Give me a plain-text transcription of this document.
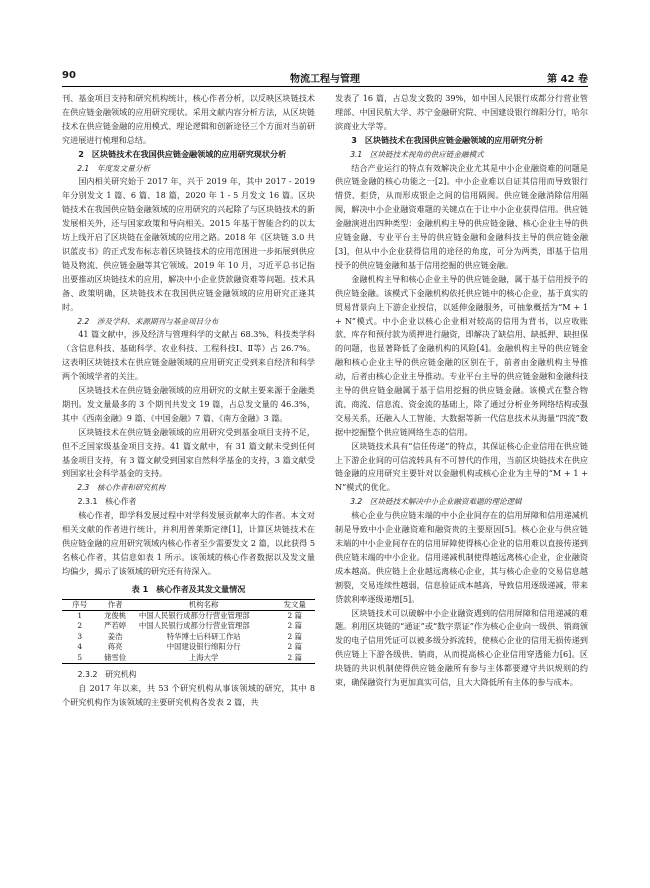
90	物流工程与管理	第 42 卷

刊、基金项目支持和研究机构统计，核心作者分析，以反映区块链技术在供应链金融领域的应用研究现状。采用文献内容分析方法，从区块链技术在供应链金融的应用模式、理论逻辑和创新途径三个方面对当前研究进展进行梳理和总结。

2　区块链技术在我国供应链金融领域的应用研究现状分析

2.1　年度发文量分析

国内相关研究始于 2017 年，兴于 2019 年，其中 2017 - 2019 年分别发文 1 篇、6 篇、18 篇，2020 年 1 - 5 月发文 16 篇。区块链技术在我国供应链金融领域的应用研究的兴起除了与区块链技术的新发展相关外，还与国家政策和导向相关。2015 年基于智能合约的以太坊上线开启了区块链在金融领域的应用之路。2018 年《区块链 3.0 共识蓝皮书》的正式发布标志着区块链技术的应用范围进一步拓展到供应链及物流、供应链金融等其它领域。2019 年 10 月，习近平总书记指出要推动区块链技术的应用，解决中小企业贷款融资难等问题。技术具备、政策明确，区块链技术在我国供应链金融领域的应用研究正逢其时。

2.2　涉及学科、来源期刊与基金项目分布

41 篇文献中，涉及经济与管理科学的文献占 68.3%、科技类学科（含信息科技、基础科学、农业科技、工程科技Ⅰ、Ⅱ等）占 26.7%。这表明区块链技术在供应链金融领域的应用研究正受到来自经济和科学两个领域学者的关注。

区块链技术在供应链金融领域的应用研究的文献主要来源于金融类期刊。发文量最多的 3 个期刊共发文 19 篇，占总发文量的 46.3%，其中《西南金融》9 篇、《中国金融》7 篇、《南方金融》3 篇。

区块链技术在供应链金融领域的应用研究受到基金项目支持不足，但不乏国家级基金项目支持。41 篇文献中，有 31 篇文献未受到任何基金项目支持，有 3 篇文献受到国家自然科学基金的支持，3 篇文献受到国家社会科学基金的支持。

2.3　核心作者和研究机构

2.3.1　核心作者

核心作者，即学科发展过程中对学科发展贡献率大的作者。本文对相关文献的作者进行统计，并利用普莱斯定律[1]，计算区块链技术在供应链金融的应用研究领域内核心作者至少需要发文 2 篇，以此获得 5 名核心作者，其信息如表 1 所示。该领域的核心作者数据以及发文量均偏少，揭示了该领域的研究还有待深入。

表 1　核心作者及其发文量情况
序号	作者	机构名称	发文量
1	龙俊桃	中国人民银行成都分行营业管理部	2 篇
2	严若婷	中国人民银行成都分行营业管理部	2 篇
3	姜浩	特华博士后科研工作站	2 篇
4	蒋亮	中国建设银行绵阳分行	2 篇
5	储雪俭	上海大学	2 篇

2.3.2　研究机构

自 2017 年以来，共 53 个研究机构从事该领域的研究，其中 8 个研究机构作为该领域的主要研究机构各发表 2 篇，共

发表了 16 篇，占总发文数的 39%，如中国人民银行成都分行营业管理部、中国民航大学、苏宁金融研究院、中国建设银行绵阳分行，哈尔滨商业大学等。

3　区块链技术在我国供应链金融领域的应用研究分析

3.1　区块链技术视角的供应链金融模式

结合产业运行的特点有效解决企业尤其是中小企业融资难的问题是供应链金融的核心功能之一[2]。中小企业难以自证其信用而导致银行惜贷、拒贷，从而形成银企之间的信用隔阂。供应链金融消除信用隔阂，解决中小企业融资难题的关键点在于让中小企业获得信用。供应链金融演进出四种类型：金融机构主导的供应链金融、核心企业主导的供应链金融、专业平台主导的供应链金融和金融科技主导的供应链金融[3]，但从中小企业获得信用的途径的角度，可分为两类，即基于信用授予的供应链金融和基于信用挖掘的供应链金融。

金融机构主导和核心企业主导的供应链金融，属于基于信用授予的供应链金融。该模式下金融机构依托供应链中的核心企业，基于真实的贸易背景向上下游企业授信，以延伸金融服务，可抽象概括为“M + 1 + N”模式。中小企业以核心企业相对较高的信用为背书，以应收账款、库存和预付款为质押进行融资，即解决了缺信用、缺抵押、缺担保的问题，也显著降低了金融机构的风险[4]。金融机构主导的供应链金融和核心企业主导的供应链金融的区别在于，前者由金融机构主导推动，后者由核心企业主导推动。专业平台主导的供应链金融和金融科技主导的供应链金融属于基于信用挖掘的供应链金融。该模式在整合物流、商流、信息流、资金流的基础上，除了通过分析业务网络结构或强交易关系，还融入人工智能、大数据等新一代信息技术从海量“四流”数据中挖掘整个供应链网络生态的信用。

区块链技术具有“信任传递”的特点，其保证核心企业信用在供应链上下游企业间的可信流转具有不可替代的作用，当前区块链技术在供应链金融的应用研究主要针对以金融机构或核心企业为主导的“M + 1 + N”模式的优化。

3.2　区块链技术解决中小企业融资难题的理论逻辑

核心企业与供应链末端的中小企业间存在的信用屏障和信用递减机制是导致中小企业融资难和融资贵的主要原因[5]。核心企业与供应链末端的中小企业间存在的信用屏障使得核心企业的信用难以直接传递到供应链末端的中小企业。信用递减机制使得越远离核心企业，企业融资成本越高。供应链上企业越远离核心企业，其与核心企业的交易信息越割裂，交易连续性越弱，信息验证成本越高，导致信用逐级递减，带来贷款利率逐级递增[5]。

区块链技术可以破解中小企业融资遇到的信用屏障和信用递减的难题。利用区块链的“通证”或“数字票证”作为核心企业向一级供、销商颁发的电子信用凭证可以被多级分拆流转，使核心企业的信用无损传递到供应链上下游各级供、销商，从而提高核心企业信用穿透能力[6]。区块链的共识机制使得供应链金融所有参与主体都要遵守共识规则的约束，确保融资行为更加真实可信，且大大降低所有主体的参与成本。
